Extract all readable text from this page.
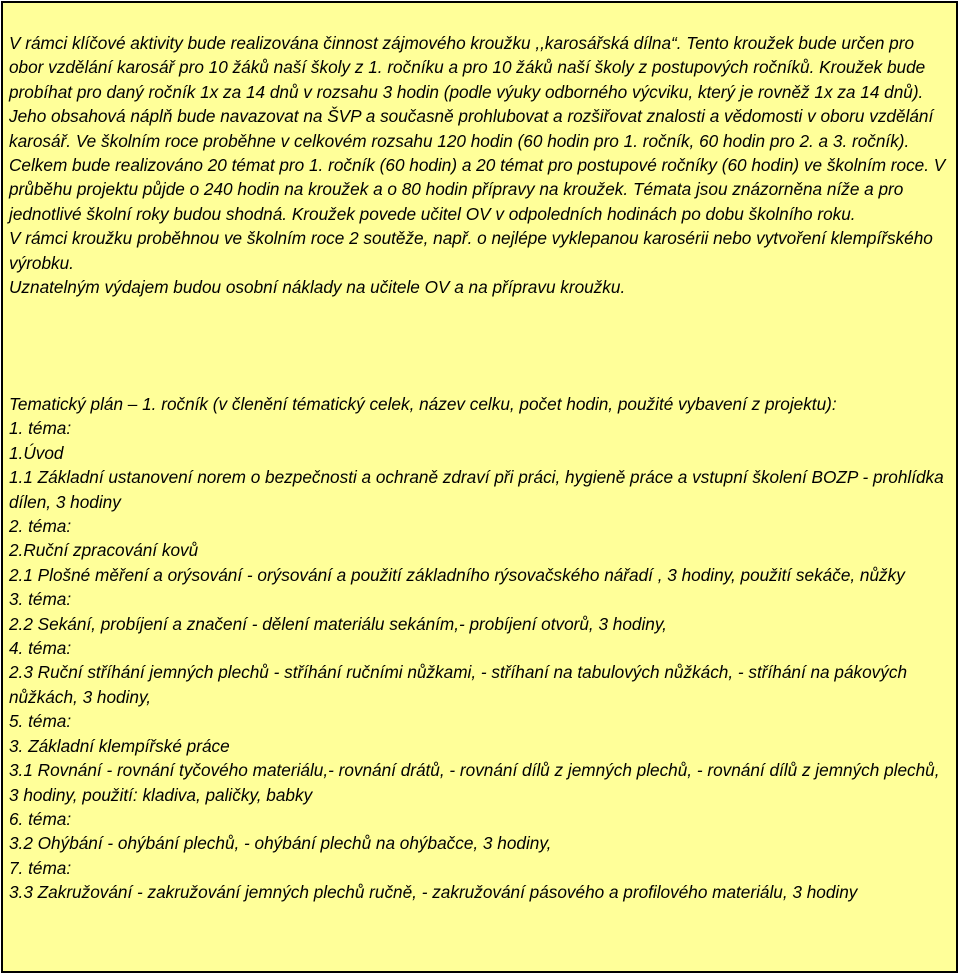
V rámci klíčové aktivity bude realizována činnost zájmového kroužku ,,karosářská dílna“. Tento kroužek bude určen pro obor vzdělání karosář pro 10 žáků naší školy z 1. ročníku a pro 10 žáků naší školy z postupových ročníků. Kroužek bude probíhat pro daný ročník 1x za 14 dnů v rozsahu 3 hodin (podle výuky odborného výcviku, který je rovněž 1x za 14 dnů). Jeho obsahová náplň bude navazovat na ŠVP a současně prohlubovat a rozšiřovat znalosti a vědomosti v oboru vzdělání karosář. Ve školním roce proběhne v celkovém rozsahu 120 hodin (60 hodin pro 1. ročník, 60 hodin pro 2. a 3. ročník). Celkem bude realizováno 20 témat pro 1. ročník (60 hodin) a 20 témat pro postupové ročníky (60 hodin) ve školním roce. V průběhu projektu půjde o 240 hodin na kroužek a o 80 hodin přípravy na kroužek. Témata jsou znázorněna níže a pro jednotlivé školní roky budou shodná. Kroužek povede učitel OV v odpoledních hodinách po dobu školního roku.
V rámci kroužku proběhnou ve školním roce 2 soutěže, např. o nejlépe vyklepanou karosérii nebo vytvoření klempířského výrobku.
Uznatelným výdajem budou osobní náklady na učitele OV a na přípravu kroužku.
Tematický plán – 1. ročník (v členění tématický celek, název celku, počet hodin, použité vybavení z projektu):
1. téma:
1.Úvod
1.1 Základní ustanovení norem o bezpečnosti a ochraně zdraví při práci, hygieně práce a vstupní školení BOZP - prohlídka dílen, 3 hodiny
2. téma:
2.Ruční zpracování kovů
2.1 Plošné měření a orýsování - orýsování a použití základního rýsovačského nářadí , 3 hodiny, použití sekáče, nůžky
3. téma:
2.2 Sekání, probíjení a značení - dělení materiálu sekáním,- probíjení otvorů, 3 hodiny,
4. téma:
2.3 Ruční stříhání jemných plechů - stříhání ručními nůžkami, - stříhaní na tabulových nůžkách, - stříhání na pákových nůžkách, 3 hodiny,
5. téma:
3. Základní klempířské práce
3.1 Rovnání - rovnání tyčového materiálu,- rovnání drátů, - rovnání dílů z jemných plechů, - rovnání dílů z jemných plechů, 3 hodiny, použití: kladiva, paličky, babky
6. téma:
3.2 Ohýbání - ohýbání plechů, - ohýbání plechů na ohýbačce, 3 hodiny,
7. téma:
3.3 Zakružování - zakružování jemných plechů ručně, - zakružování pásového a profilového materiálu, 3 hodiny
